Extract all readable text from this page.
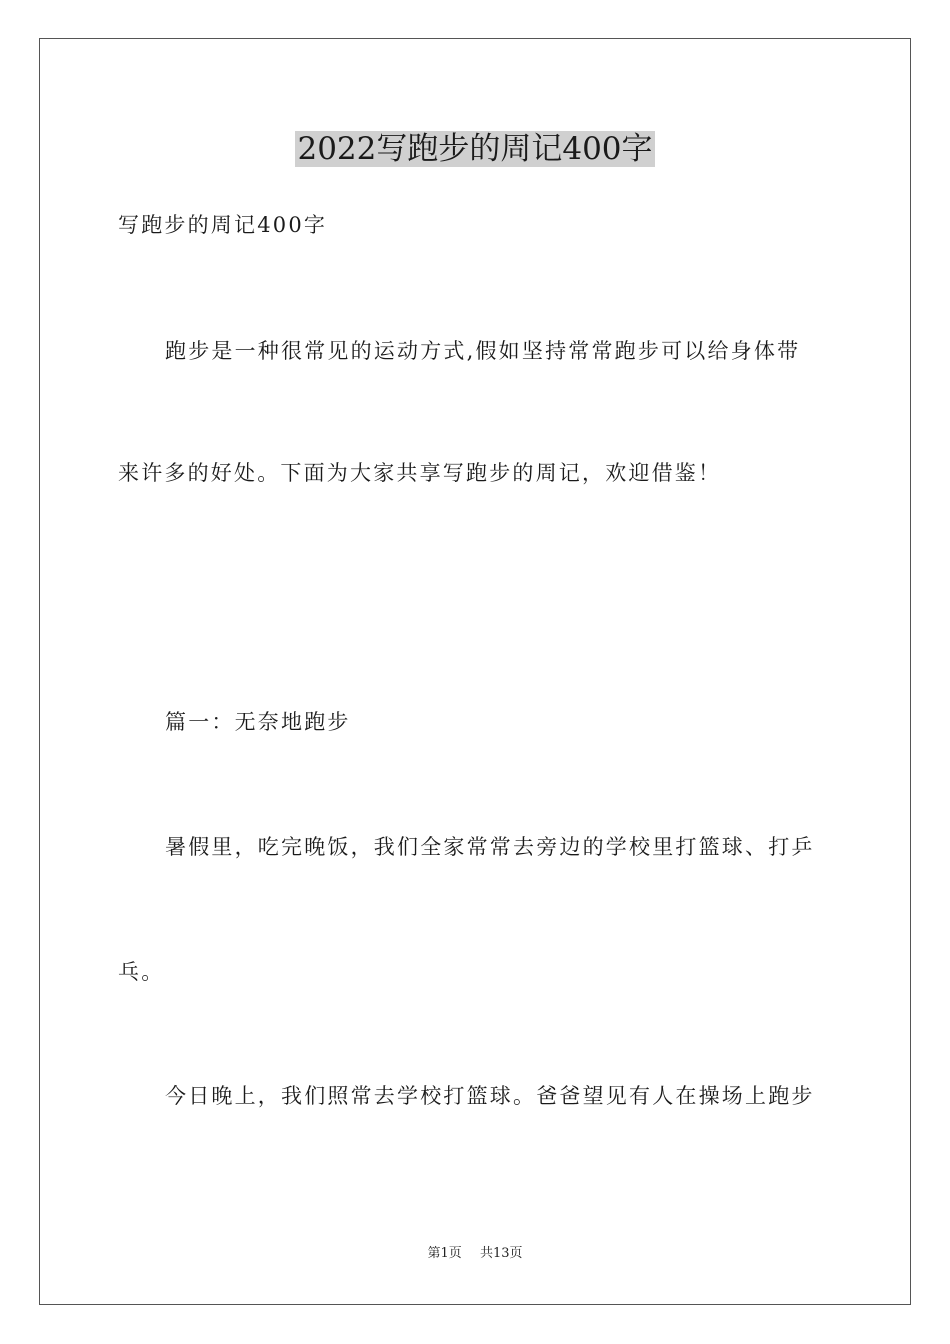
2022写跑步的周记400字
写跑步的周记400字
跑步是一种很常见的运动方式,假如坚持常常跑步可以给身体带
来许多的好处。下面为大家共享写跑步的周记，欢迎借鉴！
篇一：无奈地跑步
暑假里，吃完晚饭，我们全家常常去旁边的学校里打篮球、打乒
乓。
今日晚上，我们照常去学校打篮球。爸爸望见有人在操场上跑步
第1页 共13页
